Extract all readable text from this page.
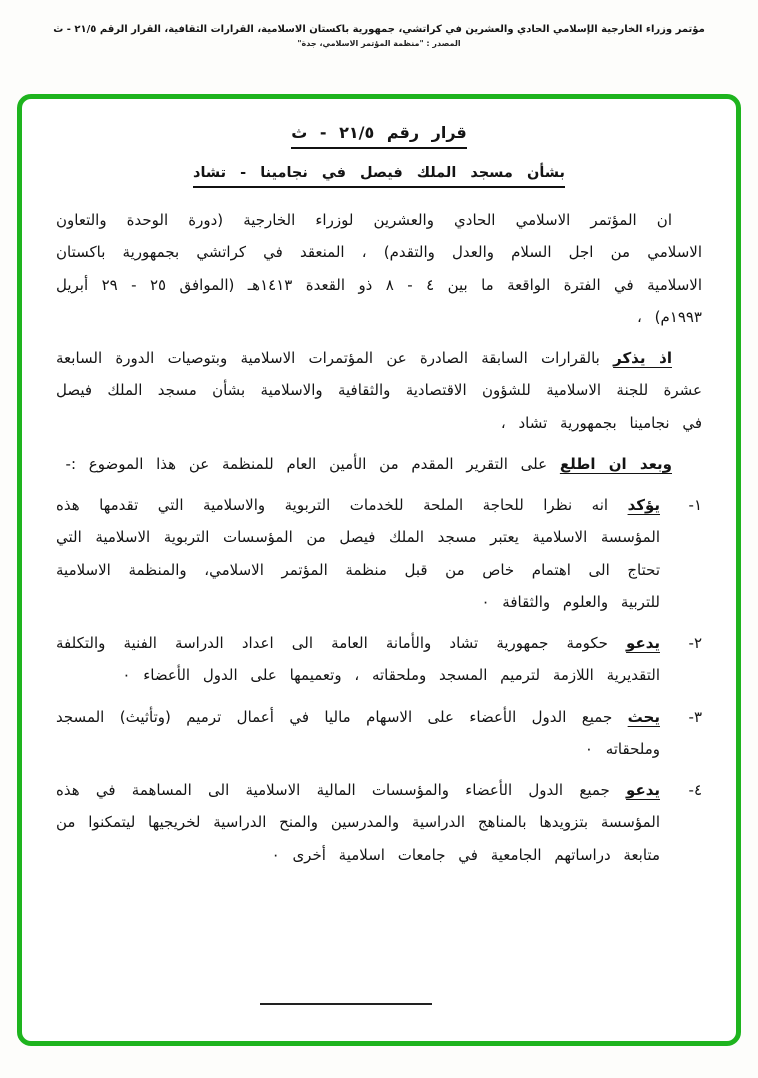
مؤتمر وزراء الخارجية الإسلامي الحادي والعشرين في كراتشي، جمهورية باكستان الاسلامية، القرارات الثقافية، القرار الرقم ٢١/٥ - ث
المصدر : "منظمة المؤتمر الاسلامي، جدة"
قرار رقم ٢١/٥ - ث
بشأن مسجد الملك فيصل في نجامينا - تشاد

ان المؤتمر الاسلامي الحادي والعشرين لوزراء الخارجية (دورة الوحدة والتعاون الاسلامي من اجل السلام والعدل والتقدم) ، المنعقد في كراتشي بجمهورية باكستان الاسلامية في الفترة الواقعة ما بين ٤ - ٨ ذو القعدة ١٤١٣هـ (الموافق ٢٥ - ٢٩ أبريل ١٩٩٣م) ،

اذ يذكر بالقرارات السابقة الصادرة عن المؤتمرات الاسلامية وبتوصيات الدورة السابعة عشرة للجنة الاسلامية للشؤون الاقتصادية والثقافية والاسلامية بشأن مسجد الملك فيصل في نجامينا بجمهورية تشاد ،

وبعد ان اطلع على التقرير المقدم من الأمين العام للمنظمة عن هذا الموضوع :-

١-
يؤكد انه نظرا للحاجة الملحة للخدمات التربوية والاسلامية التي تقدمها هذه المؤسسة الاسلامية يعتبر مسجد الملك فيصل من المؤسسات التربوية الاسلامية التي تحتاج الى اهتمام خاص من قبل منظمة المؤتمر الاسلامي، والمنظمة الاسلامية للتربية والعلوم والثقافة ٠
٢-
يدعو حكومة جمهورية تشاد والأمانة العامة الى اعداد الدراسة الفنية والتكلفة التقديرية اللازمة لترميم المسجد وملحقاته ، وتعميمها على الدول الأعضاء ٠
٣-
يحث جميع الدول الأعضاء على الاسهام ماليا في أعمال ترميم (وتأثيث) المسجد وملحقاته ٠
٤-
يدعو جميع الدول الأعضاء والمؤسسات المالية الاسلامية الى المساهمة في هذه المؤسسة بتزويدها بالمناهج الدراسية والمدرسين والمنح الدراسية لخريجيها ليتمكنوا من متابعة دراساتهم الجامعية في جامعات اسلامية أخرى ٠
